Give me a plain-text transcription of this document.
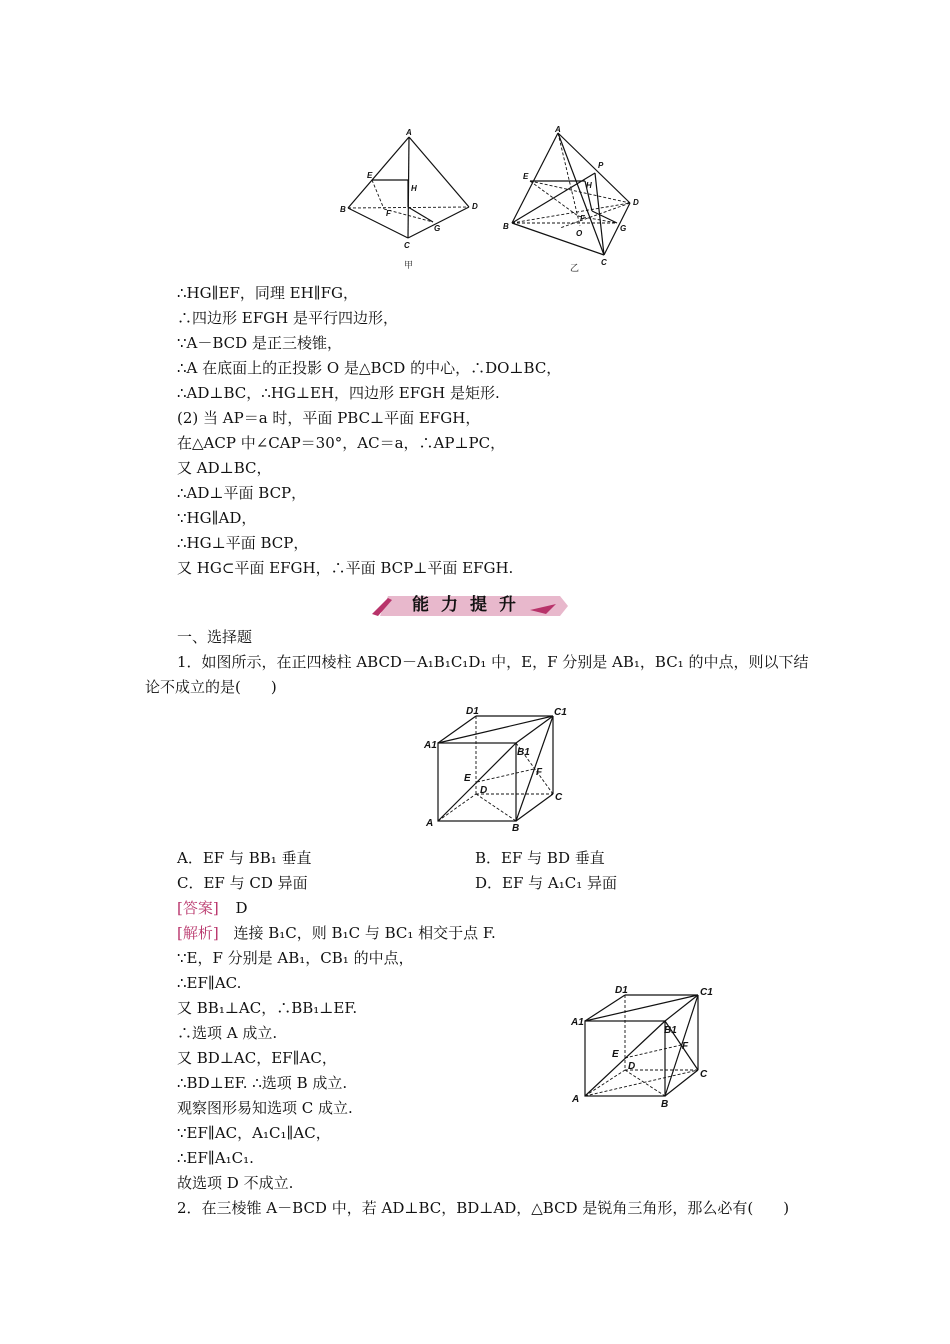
A
E
H
B	F
D
G
C
甲
A
P
E
H
B
F
D
O
G
C
乙
∴HG∥EF，同理 EH∥FG，
∴四边形 EFGH 是平行四边形，
∵A－BCD 是正三棱锥，
∴A 在底面上的正投影 O 是△BCD 的中心，∴DO⊥BC，
∴AD⊥BC，∴HG⊥EH，四边形 EFGH 是矩形.
(2) 当 AP＝a 时，平面 PBC⊥平面 EFGH，
在△ACP 中∠CAP＝30°，AC＝a，∴AP⊥PC，
又 AD⊥BC，
∴AD⊥平面 BCP，
∵HG∥AD，
∴HG⊥平面 BCP，
又 HG⊂平面 EFGH，∴平面 BCP⊥平面 EFGH.
能力提升
一、选择题
1．如图所示，在正四棱柱 ABCD－A₁B₁C₁D₁ 中，E，F 分别是 AB₁，BC₁ 的中点，则以下结
论不成立的是(　　)
D1	C1
A1
B1
E
F
D
C
A	B
A．EF 与 BB₁ 垂直	B．EF 与 BD 垂直
C．EF 与 CD 异面	D．EF 与 A₁C₁ 异面
[答案] D
[解析] 连接 B₁C，则 B₁C 与 BC₁ 相交于点 F.
∵E，F 分别是 AB₁，CB₁ 的中点，
∴EF∥AC.
又 BB₁⊥AC，∴BB₁⊥EF.
∴选项 A 成立.
又 BD⊥AC，EF∥AC，
∴BD⊥EF. ∴选项 B 成立.
观察图形易知选项 C 成立.
∵EF∥AC，A₁C₁∥AC，
∴EF∥A₁C₁.
故选项 D 不成立.
D1	C1
A1
B1
E
F
D
C
A	B
2．在三棱锥 A－BCD 中，若 AD⊥BC，BD⊥AD，△BCD 是锐角三角形，那么必有(　　)
